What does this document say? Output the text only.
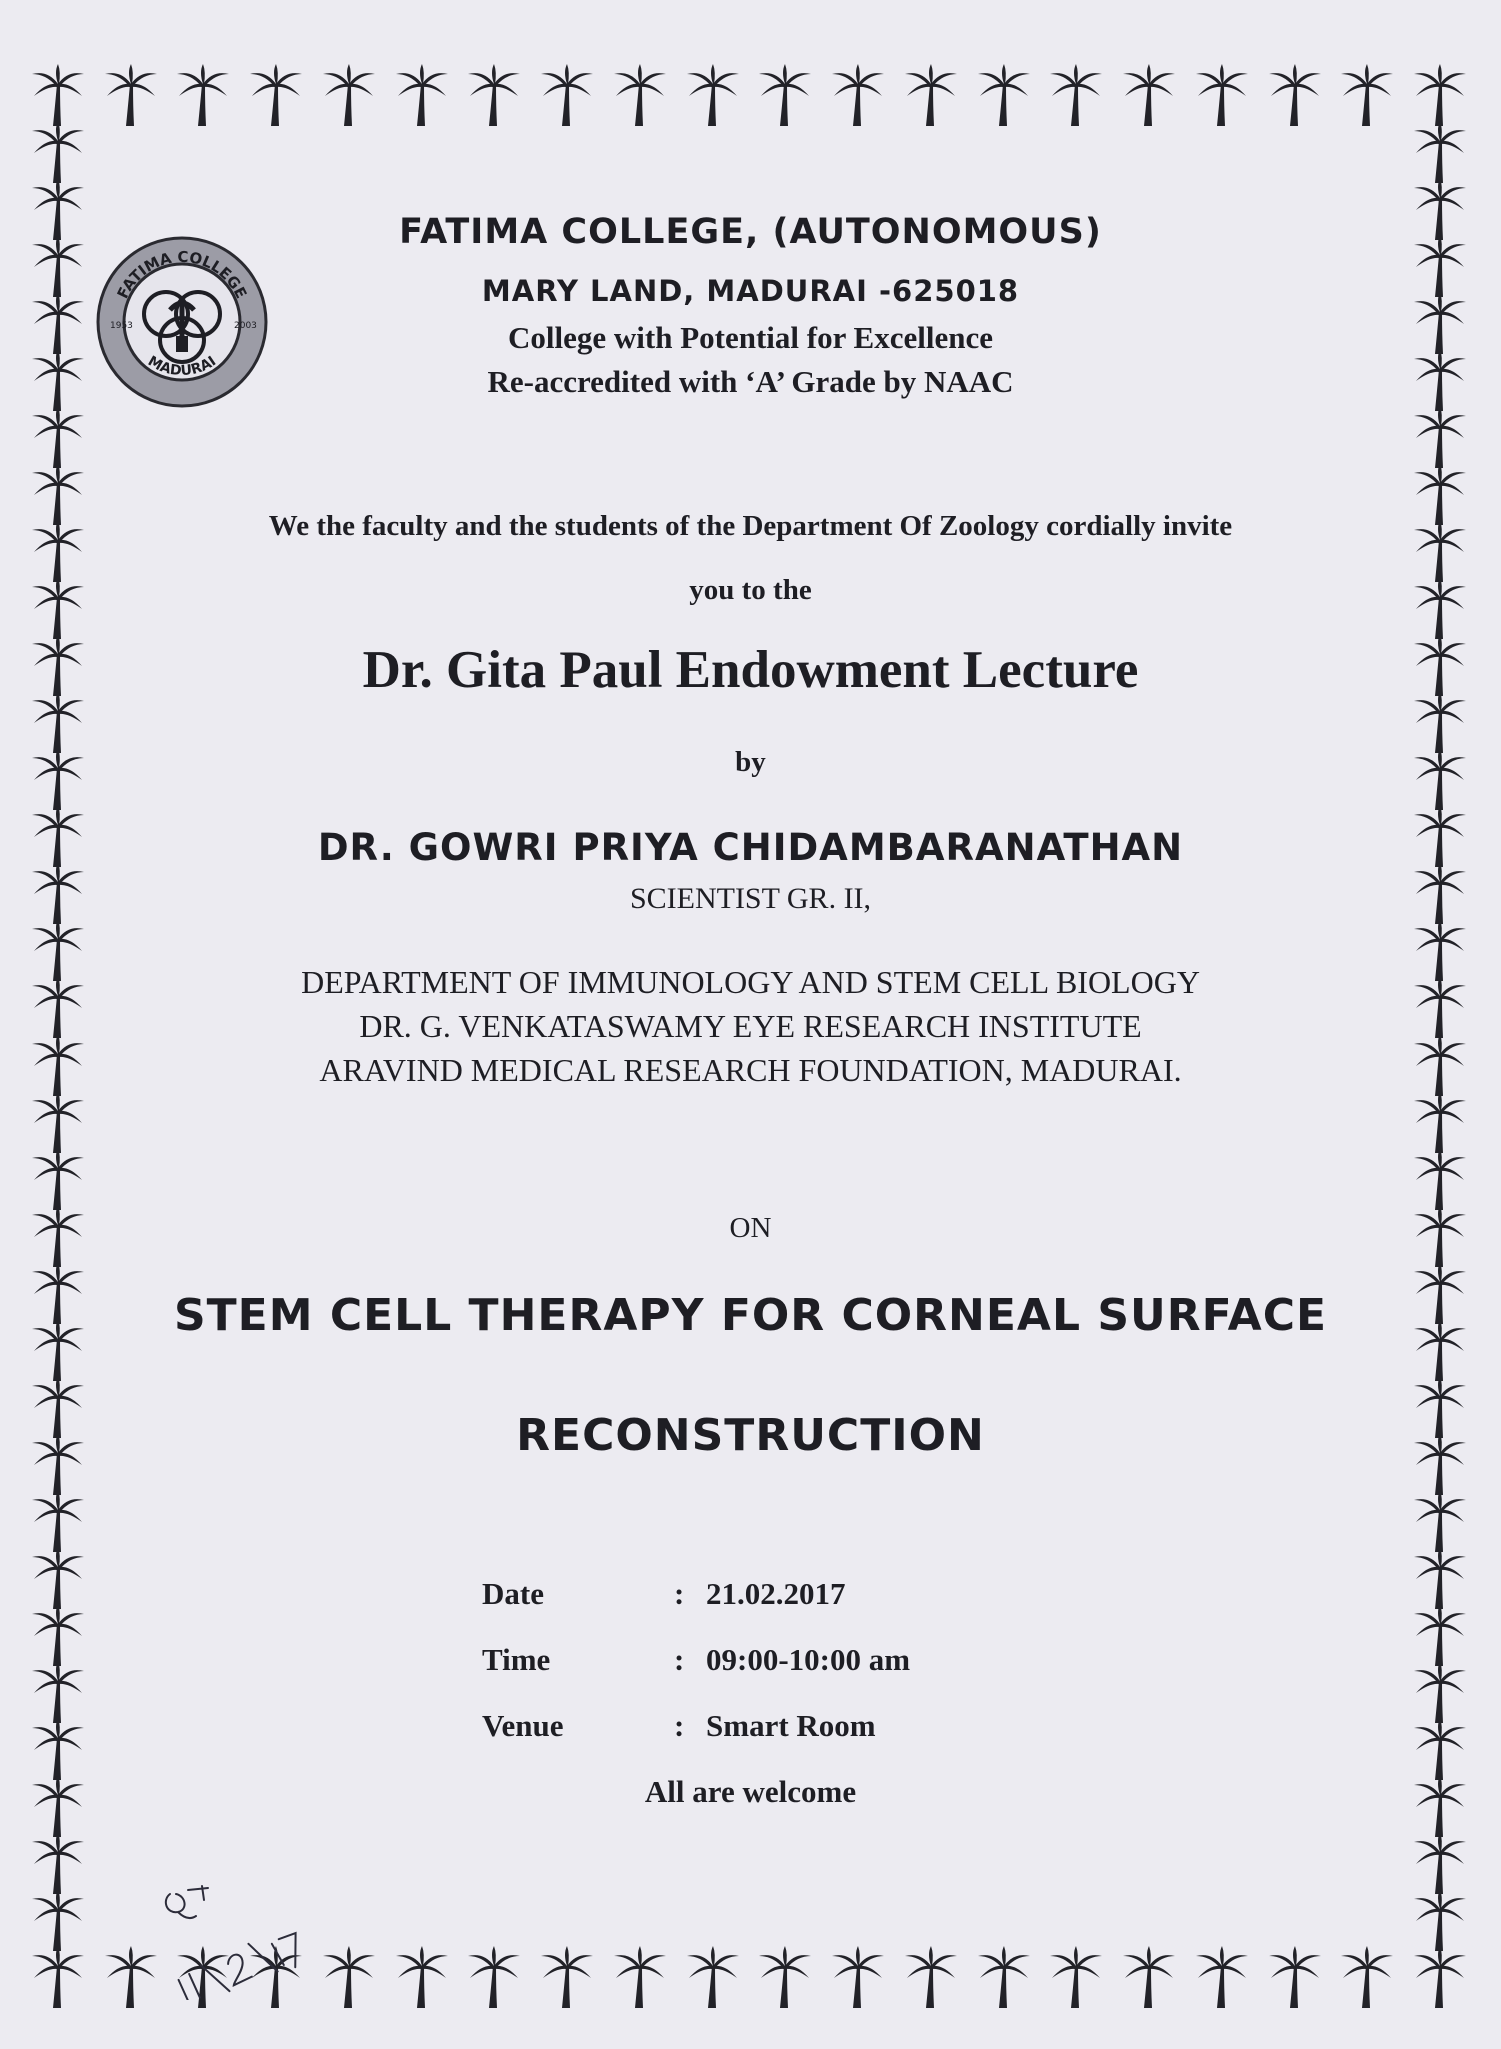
FATIMA COLLEGE
MADURAI
1953	2003
FATIMA COLLEGE, (AUTONOMOUS)
MARY LAND, MADURAI -625018
College with Potential for Excellence
Re-accredited with ‘A’ Grade by NAAC
We the faculty and the students of the Department Of Zoology cordially invite
you to the
Dr. Gita Paul Endowment Lecture
by
DR. GOWRI PRIYA CHIDAMBARANATHAN
SCIENTIST GR. II,
DEPARTMENT OF IMMUNOLOGY AND STEM CELL BIOLOGY
DR. G. VENKATASWAMY EYE RESEARCH INSTITUTE
ARAVIND MEDICAL RESEARCH FOUNDATION, MADURAI.
ON
STEM CELL THERAPY FOR CORNEAL SURFACE
RECONSTRUCTION
Date	: 21.02.2017
Time	: 09:00-10:00 am
Venue	: Smart Room
All are welcome
